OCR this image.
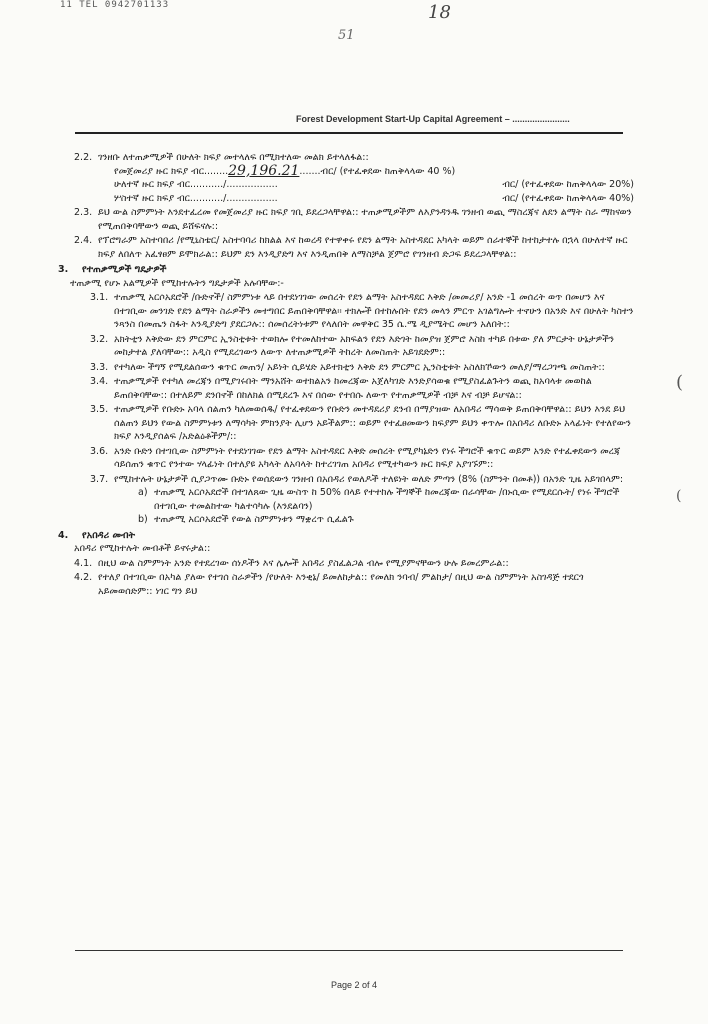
11 TEL 0942701133	18
51
Forest Development Start-Up Capital Agreement – .......................
(
(
2.2. ገንዘቡ ለተጠቃሚዎች በሁለት ክፍያ መተላለፍ በሚክተለው መልክ ይተላለፋል::
የመጀመሪያ ዙር ክፍያ ብር ........ 29,196.21 ....... ብር/ (የተፈቀደው ከጠቅላላው 40 %)
ሁለተኛ ዙር ክፍያ ብር.........../.................	ብር/ (የተፈቀደው ከጠቅላላው 20%)
ሦስተኛ ዙር ክፍያ ብር.........../.................	ብር/ (የተፈቀደው ከጠቅላላው 40%)
2.3. ይህ ውል ስምምነት እንደተፈረመ የመጀመሪያ ዙር ክፍያ ገቢ ይደረጋላቸዋል:: ተጠቃሚዎችም ለእያንዳንዱ ገንዘብ ወጪ ማስረጃና ለደን ልማት ስራ ማከናወን የሚጠበቅባቸውን ወጪ ይሸፍናሉ::
2.4. የፕሮግራም አስተባበሪ /የሚኒስቴር/ አስተባባሪ ከክልል እና ከወረዳ የተዋቀሩ የደን ልማት አስተዳደር አካላት ወይም ሰራተኞች ከተከታተሉ በኋላ በሁለተኛ ዙር ክፍያ ለበለጥ አፈፃፀም ይሞክራል:: ይህም ደን እንዲያድግ እና እንዲጠበቅ ለማስቻል ጀምሮ የገንዘብ ድጋፍ ይደረጋላቸዋል::
3.	የተጠቃሚዎች ግዴታዎች
ተጠቃሚ የሆኑ አልሚዎች የሚከተሉትን ግዴታዎች አሉባቸው:-
3.1. ተጠቃሚ አርሶአደሮች /ቡድኖች/ ስምምነቱ ላይ በተደነገገው መሰረት የደን ልማት አስተዳደር እቅድ /መመሪያ/ አንድ -1 መሰረት ወጥ በመሆን እና በተገቢው መንገድ የደን ልማት ስራዎችን መተግበር ይጠበቅባቸዋል። ተክሎች በተከሉበት የደን መላን ምርጥ አገልግሎት ተኖሁን በአንድ እና በሁለት ካስተን ንጻንስ በመጤን ስፋት እንዲያድግ ያደርጋሉ:: ሰመሰረትነቱም የላለበት መዋቅር 35 ሴ.ሜ ዲያሜትር መሆን አለበት::
3.2. አክትቲን እቅድው ደን ምርምር ኢንስቲቱት ተወክሎ የተመለከተው አክፍልን የደን እድገት ከመያዝ ጀምሮ እስከ ተካይ በቱው ያለ ምርታት ሁኔታዎችን መከታተል ያለባቸው:: አዲስ የሚደረገውን ለውጥ ለተጠቃሚዎች ትከረት ለመስጠት አይገደድም::
3.3. የተካለው ችግኝ የሚደልሰውን ቁጥር መጠን/ አይነት ሲይሄድ አይተክቲን እቅድ ደን ምርምር ኢንስቲቱት አስለክኾውን መለያ/ማረጋገጫ መስጠት::
3.4. ተጠቃሚዎች የተካለ መረጃን በሚያገሩበት ማንአሸት ወተክልአን ከመረጃው አጀለካገድ እንድያሳወቁ የሚያስፈልጉትን ወጪ ከአባላቱ መወከል ይጠበቅባቸው:: በተለይም ደንበኖች በከለክል በሚደረጉ እና በሰው የተበሱ ለውጥ የተጠቃሚዎች ብቻ እና ብቻ ይሆናል::
3.5. ተጠቃሚዎች የቡድኑ አባላ ሰልጠን ካለመወሰዱ/ የተፈቀደውን የቡድን መተዳደሪያ ደንብ በማያዝው ለአበዳሪ ማሳወቅ ይጠበቅባቸዋል:: ይህን እንደ ይህ ሰልጠን ይህን የውል ስምምነቱን ለማሳካት ምክንያት ሊሆን አይችልም:: ወይም የተፈፀመውን ክፍያም ይህን ቀጥሎ በአበዳሪ ለቡድኑ አላፊነት የተለየውን ክፍያ እንዲያሰልፍ /አድልዕቶችም/::
3.6. አንድ ቡድን በተገቢው ስምምነት የተደነገገው የደን ልማት አስተዳደር እቅድ መሰረት የሚያካኔድን የነሩ ችግሮች ቁጥር ወይም አንድ የተፈቀደውን መረጃ ሳይሰጠን ቁጥር የንተው ሃላፊነት በተለያዩ አካላት ለአባላት ከተረገገጠ አበዳሪ የሚተካውን ዙር ክፍያ አያገኙም::
3.7. የሚከተሉት ሁኔታዎች ሲያጋጥሙ ቡድኑ የወሰደውን ገንዘብ በአበዳሪ የወለዶች ተለዩነት ወለድ ምጣን (8% (ስምንት በመቶ)) በአንድ ጊዜ አይገበላም:
a) ተጠቃሚ አርሶአደሮች በተገለጸው ጊዜ ውስጥ ከ 50% በላይ የተተከሉ ችግኞች ከመረጃው በራሳቸው /በኑሲው የሚደርሱት/ የነሩ ችግሮች በተገቢው ተመልከተው ካልተሳካሉ (እንደልባን)
b) ተጠቃሚ አርሶአደሮች የውል ስምምነቱን ማቋረጥ ሲፈልጉ
4.	የአበዳሪ መብት
አበዳሪ የሚከተሉት መብቶች ይኖሩታል::
4.1. በዚህ ውል ስምምነት አንድ የተደረገው ሰነዶችን እና ሌሎች አበዳሪ ያስፈልጋል ብሎ የሚያምናቸውን ሁሉ ይመረምራል::
4.2. የተለያ በተገቢው በአካል ያለው የተገሰ ስራዎችን /የሁለት እንቂኔ/ ይመለከታል:: የመለክ ንባብ/ ምልከታ/ በዚህ ውል ስምምነት አስገዳጅ ተደርጎ አይመወሰድም:: ነገር ግን ይህ
Page 2 of 4
